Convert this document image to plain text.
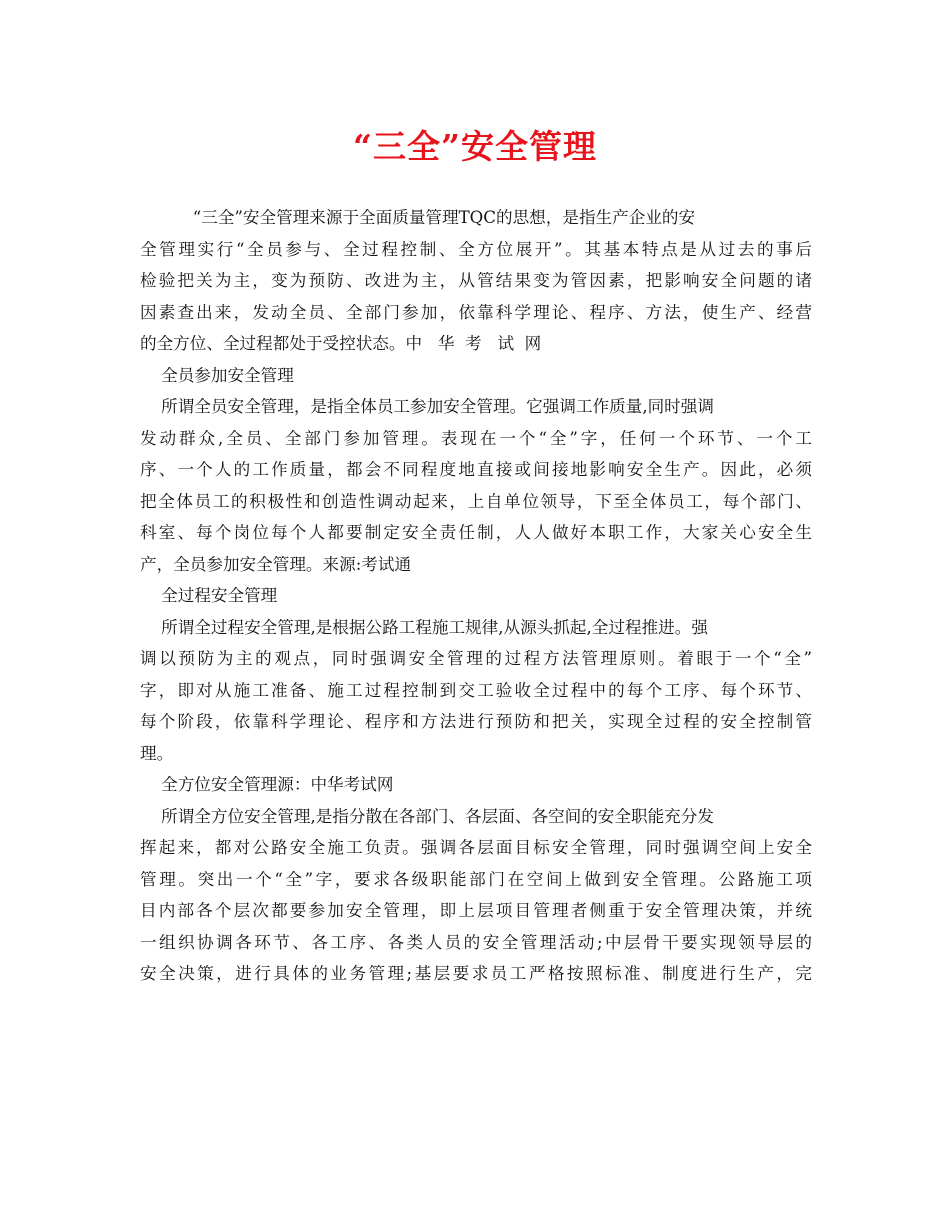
“三全”安全管理
“三全”安全管理来源于全面质量管理TQC的思想，是指生产企业的安
全管理实行“全员参与、全过程控制、全方位展开”。其基本特点是从过去的事后
检验把关为主，变为预防、改进为主，从管结果变为管因素，把影响安全问题的诸
因素查出来，发动全员、全部门参加，依靠科学理论、程序、方法，使生产、经营
的全方位、全过程都处于受控状态。中   华  考   试  网
全员参加安全管理
所谓全员安全管理，是指全体员工参加安全管理。它强调工作质量,同时强调
发动群众,全员、全部门参加管理。表现在一个“全”字，任何一个环节、一个工
序、一个人的工作质量，都会不同程度地直接或间接地影响安全生产。因此，必须
把全体员工的积极性和创造性调动起来，上自单位领导，下至全体员工，每个部门、
科室、每个岗位每个人都要制定安全责任制，人人做好本职工作，大家关心安全生
产，全员参加安全管理。来源:考试通
全过程安全管理
所谓全过程安全管理,是根据公路工程施工规律,从源头抓起,全过程推进。强
调以预防为主的观点，同时强调安全管理的过程方法管理原则。着眼于一个“全”
字，即对从施工准备、施工过程控制到交工验收全过程中的每个工序、每个环节、
每个阶段，依靠科学理论、程序和方法进行预防和把关，实现全过程的安全控制管
理。
全方位安全管理源：中华考试网
所谓全方位安全管理,是指分散在各部门、各层面、各空间的安全职能充分发
挥起来，都对公路安全施工负责。强调各层面目标安全管理，同时强调空间上安全
管理。突出一个“全”字，要求各级职能部门在空间上做到安全管理。公路施工项
目内部各个层次都要参加安全管理，即上层项目管理者侧重于安全管理决策，并统
一组织协调各环节、各工序、各类人员的安全管理活动;中层骨干要实现领导层的
安全决策，进行具体的业务管理;基层要求员工严格按照标准、制度进行生产，完
